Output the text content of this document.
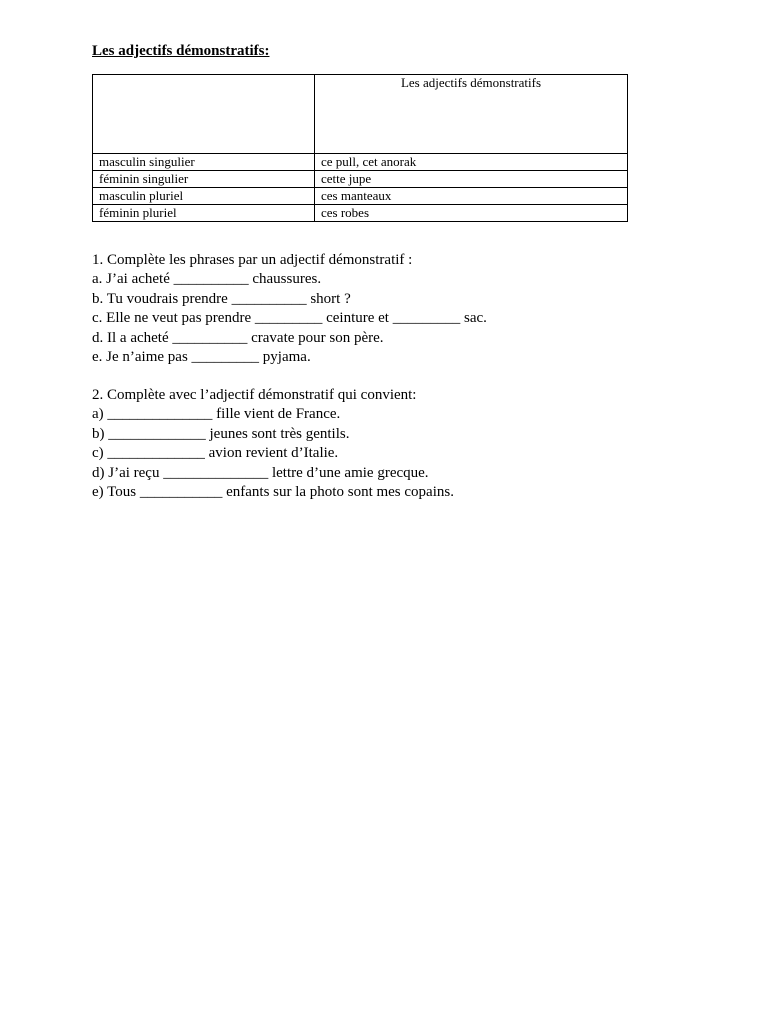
Les adjectifs démonstratifs:
	Les adjectifs démonstratifs
masculin singulier	ce pull, cet anorak
féminin singulier	cette jupe
masculin pluriel	ces manteaux
féminin pluriel	ces robes
1. Complète les phrases par un adjectif démonstratif :
a. J’ai acheté __________ chaussures.
b. Tu voudrais prendre __________ short ?
c. Elle ne veut pas prendre _________ ceinture et _________ sac.
d. Il a acheté __________ cravate pour son père.
e. Je n’aime pas _________ pyjama.
2. Complète avec l’adjectif démonstratif qui convient:
a) ______________ fille vient de France.
b) _____________ jeunes sont très gentils.
c) _____________ avion revient d’Italie.
d) J’ai reçu ______________ lettre d’une amie grecque.
e) Tous ___________ enfants sur la photo sont mes copains.
